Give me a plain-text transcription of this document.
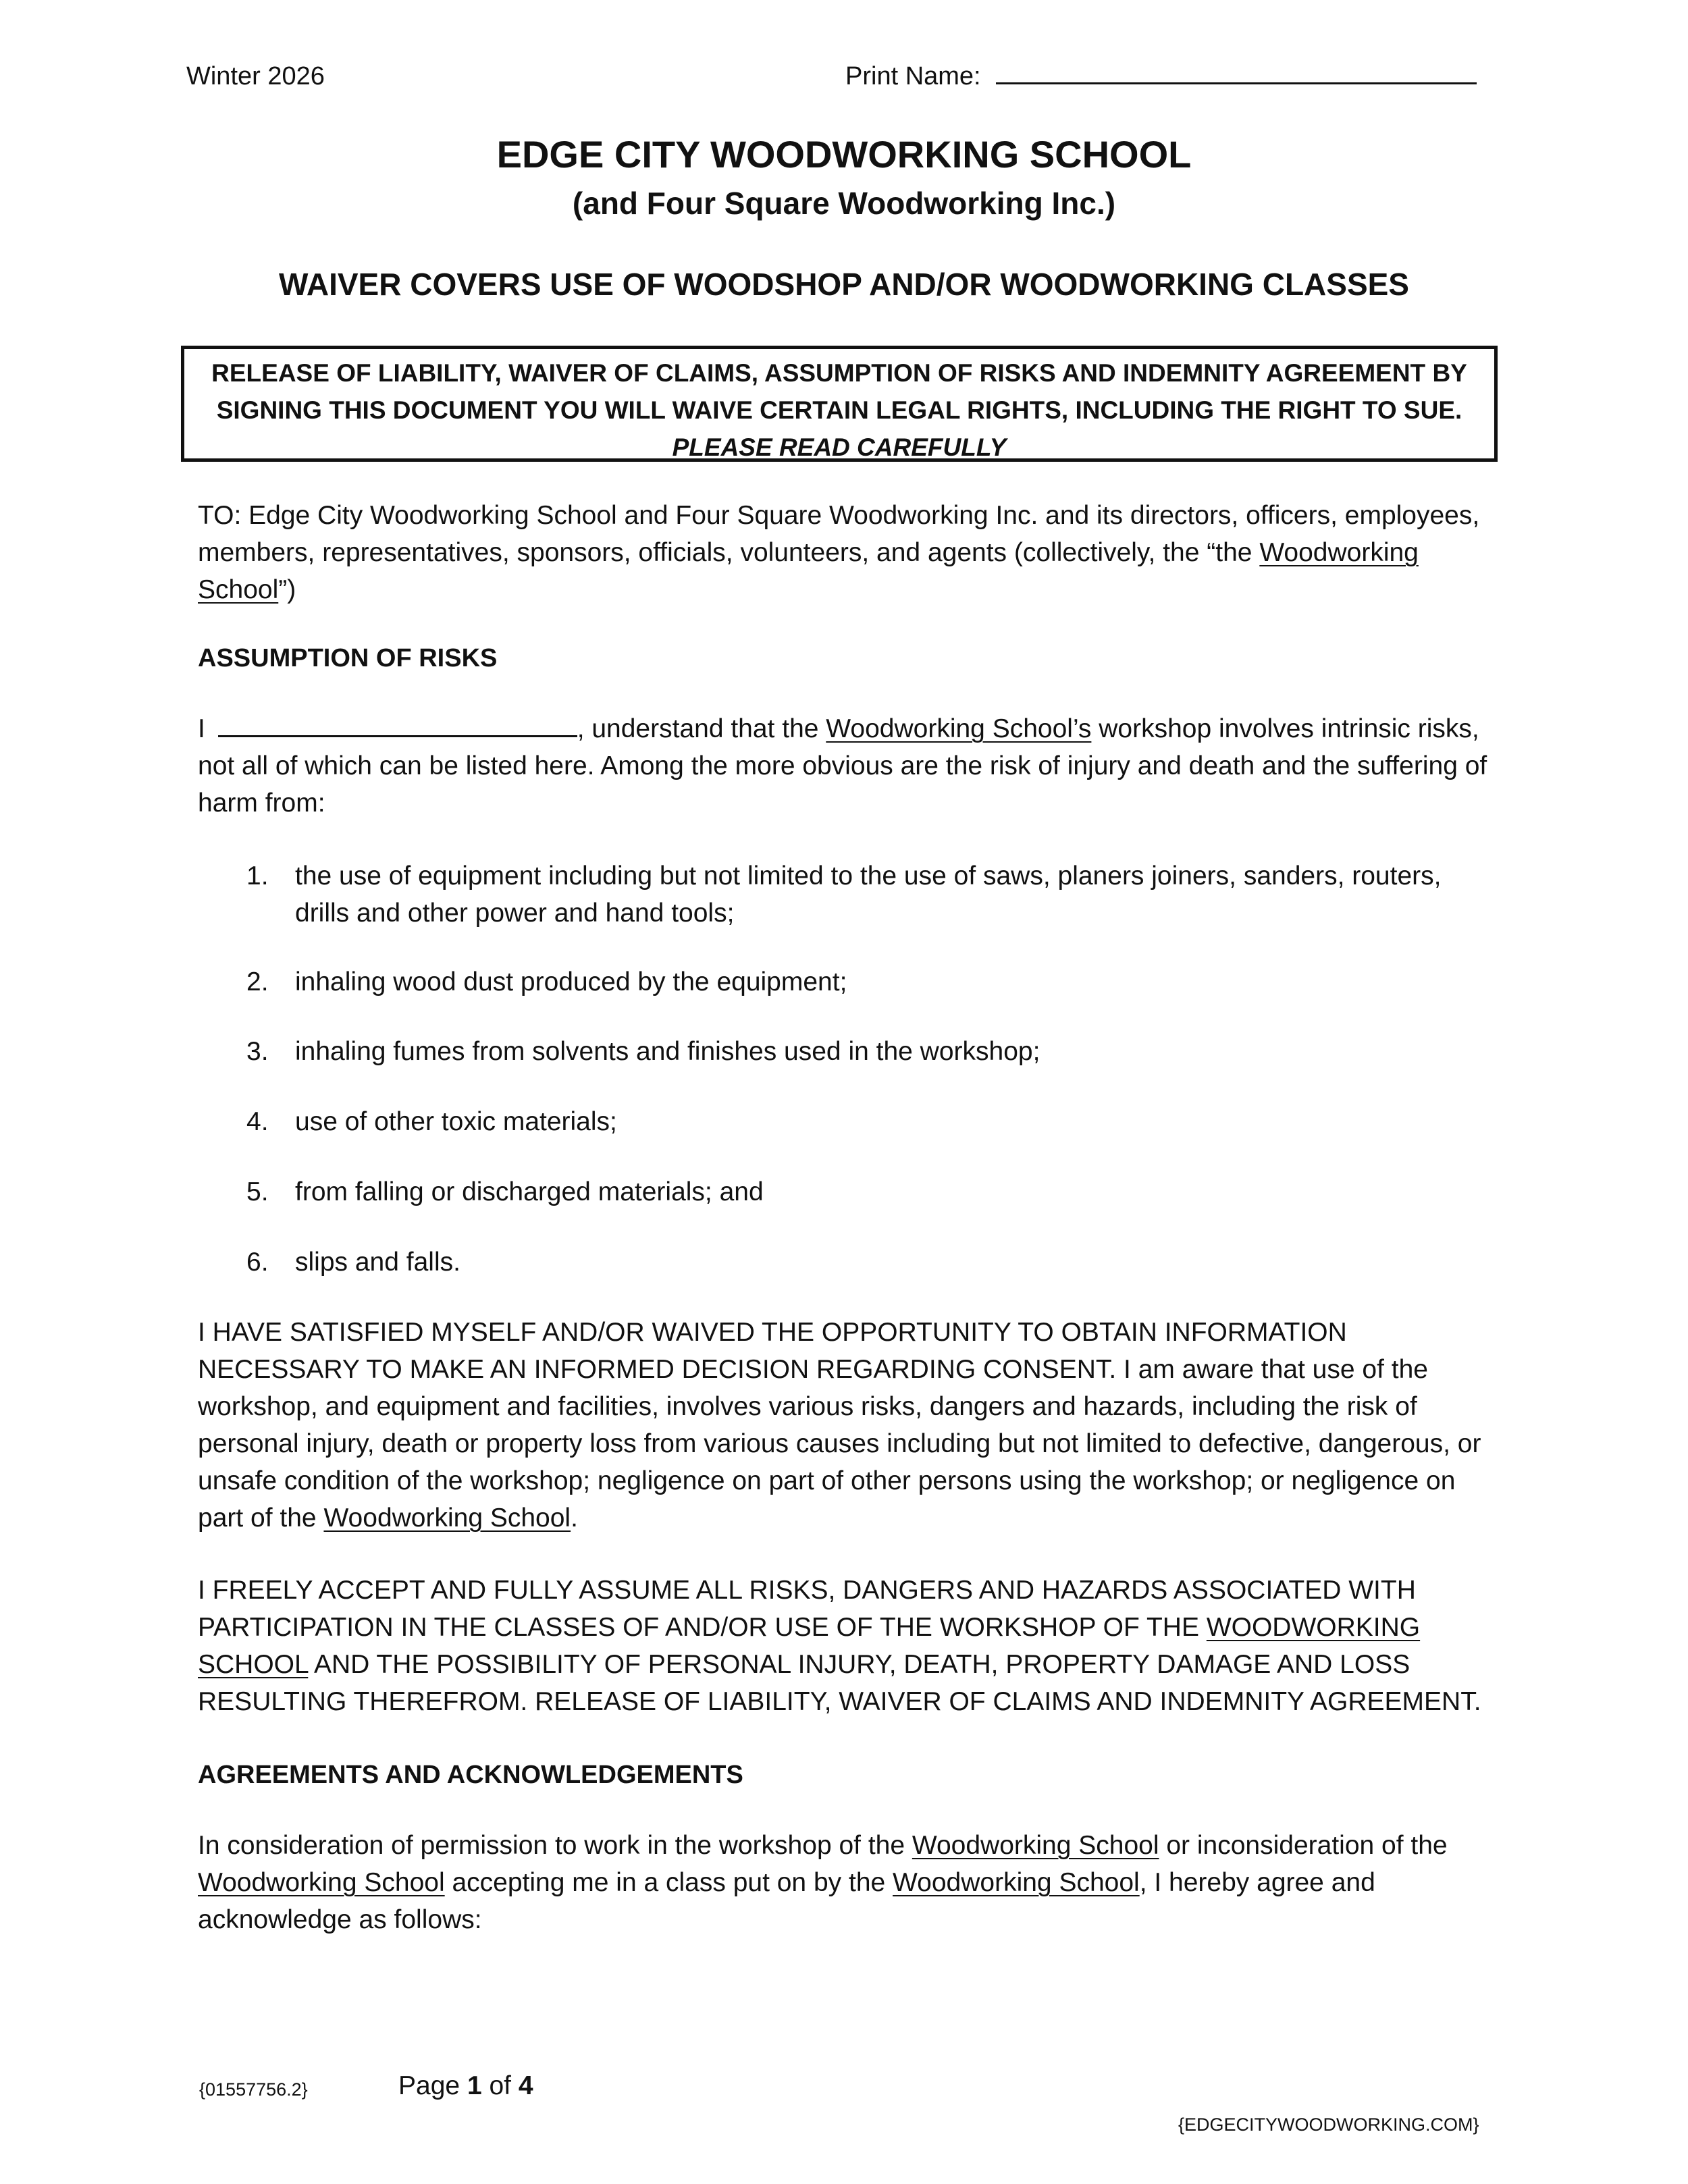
Winter 2026	Print Name:
EDGE CITY WOODWORKING SCHOOL
(and Four Square Woodworking Inc.)
WAIVER COVERS USE OF WOODSHOP AND/OR WOODWORKING CLASSES
RELEASE OF LIABILITY, WAIVER OF CLAIMS, ASSUMPTION OF RISKS AND INDEMNITY AGREEMENT BY
SIGNING THIS DOCUMENT YOU WILL WAIVE CERTAIN LEGAL RIGHTS, INCLUDING THE RIGHT TO SUE.
PLEASE READ CAREFULLY
TO: Edge City Woodworking School and Four Square Woodworking Inc. and its directors, officers, employees, members, representatives, sponsors, officials, volunteers, and agents (collectively, the “the Woodworking School”)
ASSUMPTION OF RISKS
I	, understand that the Woodworking School’s workshop involves intrinsic risks, not all of which can be listed here. Among the more obvious are the risk of injury and death and the suffering of harm from:
1.	the use of equipment including but not limited to the use of saws, planers joiners, sanders, routers, drills and other power and hand tools;
2.	inhaling wood dust produced by the equipment;
3.	inhaling fumes from solvents and finishes used in the workshop;
4.	use of other toxic materials;
5.	from falling or discharged materials; and
6.	slips and falls.
I HAVE SATISFIED MYSELF AND/OR WAIVED THE OPPORTUNITY TO OBTAIN INFORMATION NECESSARY TO MAKE AN INFORMED DECISION REGARDING CONSENT. I am aware that use of the workshop, and equipment and facilities, involves various risks, dangers and hazards, including the risk of personal injury, death or property loss from various causes including but not limited to defective, dangerous, or unsafe condition of the workshop; negligence on part of other persons using the workshop; or negligence on part of the Woodworking School.
I FREELY ACCEPT AND FULLY ASSUME ALL RISKS, DANGERS AND HAZARDS ASSOCIATED WITH PARTICIPATION IN THE CLASSES OF AND/OR USE OF THE WORKSHOP OF THE WOODWORKING SCHOOL AND THE POSSIBILITY OF PERSONAL INJURY, DEATH, PROPERTY DAMAGE AND LOSS RESULTING THEREFROM. RELEASE OF LIABILITY, WAIVER OF CLAIMS AND INDEMNITY AGREEMENT.
AGREEMENTS AND ACKNOWLEDGEMENTS
In consideration of permission to work in the workshop of the Woodworking School or inconsideration of the Woodworking School accepting me in a class put on by the Woodworking School, I hereby agree and acknowledge as follows:
{01557756.2}	Page 1 of 4
{EDGECITYWOODWORKING.COM}
